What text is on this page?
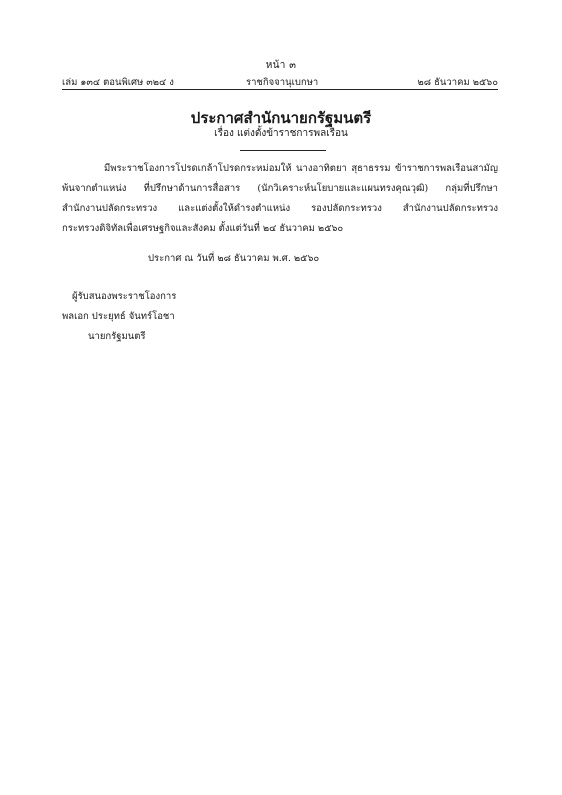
หน้า ๓
เล่ม ๑๓๔ ตอนพิเศษ ๓๒๔ ง	ราชกิจจานุเบกษา	๒๘ ธันวาคม ๒๕๖๐
ประกาศสำนักนายกรัฐมนตรี
เรื่อง แต่งตั้งข้าราชการพลเรือน
มีพระราชโองการโปรดเกล้าโปรดกระหม่อมให้ นางอาทิตยา สุธาธรรม ข้าราชการพลเรือนสามัญ
พ้นจากตำแหน่ง ที่ปรึกษาด้านการสื่อสาร (นักวิเคราะห์นโยบายและแผนทรงคุณวุฒิ) กลุ่มที่ปรึกษา
สำนักงานปลัดกระทรวง และแต่งตั้งให้ดำรงตำแหน่ง รองปลัดกระทรวง สำนักงานปลัดกระทรวง
กระทรวงดิจิทัลเพื่อเศรษฐกิจและสังคม ตั้งแต่วันที่ ๒๔ ธันวาคม ๒๕๖๐
ประกาศ ณ วันที่ ๒๘ ธันวาคม พ.ศ. ๒๕๖๐
ผู้รับสนองพระราชโองการ
พลเอก ประยุทธ์ จันทร์โอชา
นายกรัฐมนตรี
